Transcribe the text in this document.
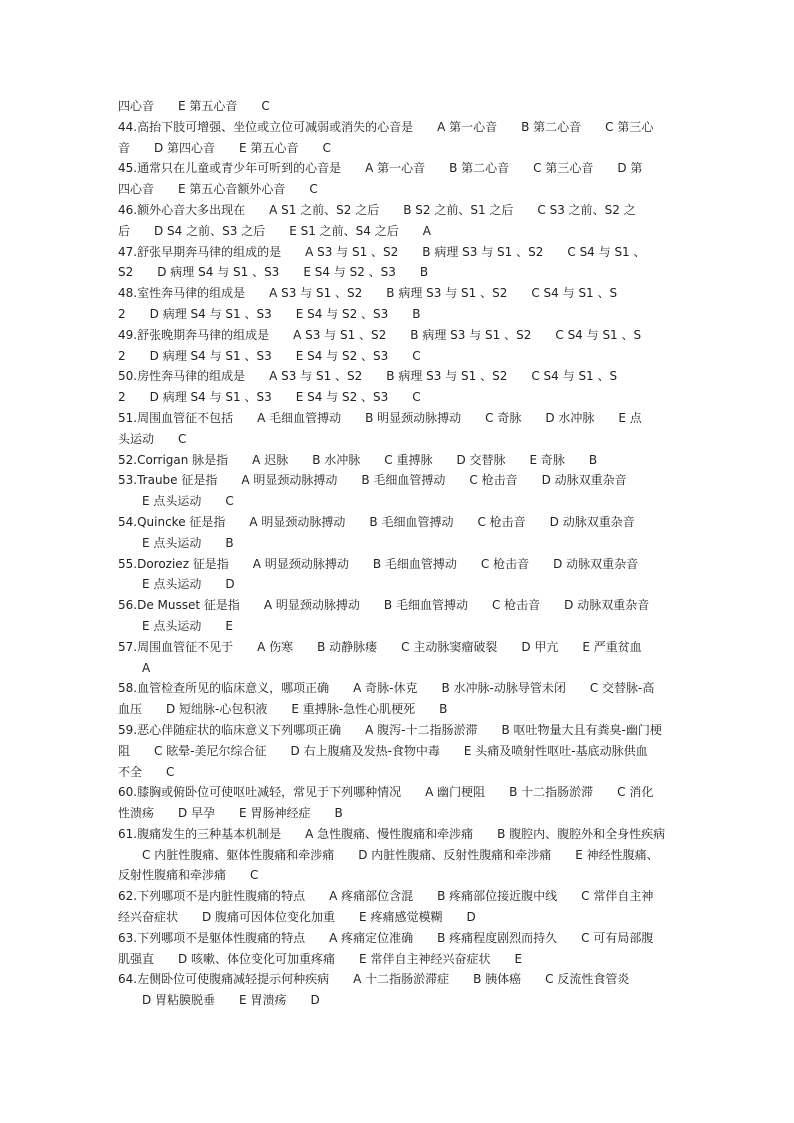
四心音　　E 第五心音　　C
44.高抬下肢可增强、坐位或立位可减弱或消失的心音是　　A 第一心音　　B 第二心音　　C 第三心
音　　D 第四心音　　E 第五心音　　C
45.通常只在儿童或青少年可听到的心音是　　A 第一心音　　B 第二心音　　C 第三心音　　D 第
四心音　　E 第五心音额外心音　　C
46.额外心音大多出现在　　A S1 之前、S2 之后　　B S2 之前、S1 之后　　C S3 之前、S2 之
后　　D S4 之前、S3 之后　　E S1 之前、S4 之后　　A
47.舒张早期奔马律的组成的是　　A S3 与 S1 、S2　　B 病理 S3 与 S1 、S2　　C S4 与 S1 、
S2　　D 病理 S4 与 S1 、S3　　E S4 与 S2 、S3　　B
48.室性奔马律的组成是　　A S3 与 S1 、S2　　B 病理 S3 与 S1 、S2　　C S4 与 S1 、S
2　　D 病理 S4 与 S1 、S3　　E S4 与 S2 、S3　　B
49.舒张晚期奔马律的组成是　　A S3 与 S1 、S2　　B 病理 S3 与 S1 、S2　　C S4 与 S1 、S
2　　D 病理 S4 与 S1 、S3　　E S4 与 S2 、S3　　C
50.房性奔马律的组成是　　A S3 与 S1 、S2　　B 病理 S3 与 S1 、S2　　C S4 与 S1 、S
2　　D 病理 S4 与 S1 、S3　　E S4 与 S2 、S3　　C
51.周围血管征不包括　　A 毛细血管搏动　　B 明显颈动脉搏动　　C 奇脉　　D 水冲脉　　E 点
头运动　　C
52.Corrigan 脉是指　　A 迟脉　　B 水冲脉　　C 重搏脉　　D 交替脉　　E 奇脉　　B
53.Traube 征是指　　A 明显颈动脉搏动　　B 毛细血管搏动　　C 枪击音　　D 动脉双重杂音
　　E 点头运动　　C
54.Quincke 征是指　　A 明显颈动脉搏动　　B 毛细血管搏动　　C 枪击音　　D 动脉双重杂音
　　E 点头运动　　B
55.Doroziez 征是指　　A 明显颈动脉搏动　　B 毛细血管搏动　　C 枪击音　　D 动脉双重杂音
　　E 点头运动　　D
56.De Musset 征是指　　A 明显颈动脉搏动　　B 毛细血管搏动　　C 枪击音　　D 动脉双重杂音
　　E 点头运动　　E
57.周围血管征不见于　　A 伤寒　　B 动静脉瘘　　C 主动脉窦瘤破裂　　D 甲亢　　E 严重贫血
　　A
58.血管检查所见的临床意义，哪项正确　　A 奇脉-休克　　B 水冲脉-动脉导管未闭　　C 交替脉-高
血压　　D 短绌脉-心包积液　　E 重搏脉-急性心肌梗死　　B
59.恶心伴随症状的临床意义下列哪项正确　　A 腹泻-十二指肠淤滞　　B 呕吐物量大且有粪臭-幽门梗
阻　　C 眩晕-美尼尔综合征　　D 右上腹痛及发热-食物中毒　　E 头痛及喷射性呕吐-基底动脉供血
不全　　C
60.膝胸或俯卧位可使呕吐减轻，常见于下列哪种情况　　A 幽门梗阻　　B 十二指肠淤滞　　C 消化
性溃疡　　D 早孕　　E 胃肠神经症　　B
61.腹痛发生的三种基本机制是　　A 急性腹痛、慢性腹痛和牵涉痛　　B 腹腔内、腹腔外和全身性疾病
　　C 内脏性腹痛、躯体性腹痛和牵涉痛　　D 内脏性腹痛、反射性腹痛和牵涉痛　　E 神经性腹痛、
反射性腹痛和牵涉痛　　C
62.下列哪项不是内脏性腹痛的特点　　A 疼痛部位含混　　B 疼痛部位接近腹中线　　C 常伴自主神
经兴奋症状　　D 腹痛可因体位变化加重　　E 疼痛感觉模糊　　D
63.下列哪项不是躯体性腹痛的特点　　A 疼痛定位准确　　B 疼痛程度剧烈而持久　　C 可有局部腹
肌强直　　D 咳嗽、体位变化可加重疼痛　　E 常伴自主神经兴奋症状　　E
64.左侧卧位可使腹痛减轻提示何种疾病　　A 十二指肠淤滞症　　B 胰体癌　　C 反流性食管炎
　　D 胃粘膜脱垂　　E 胃溃疡　　D
